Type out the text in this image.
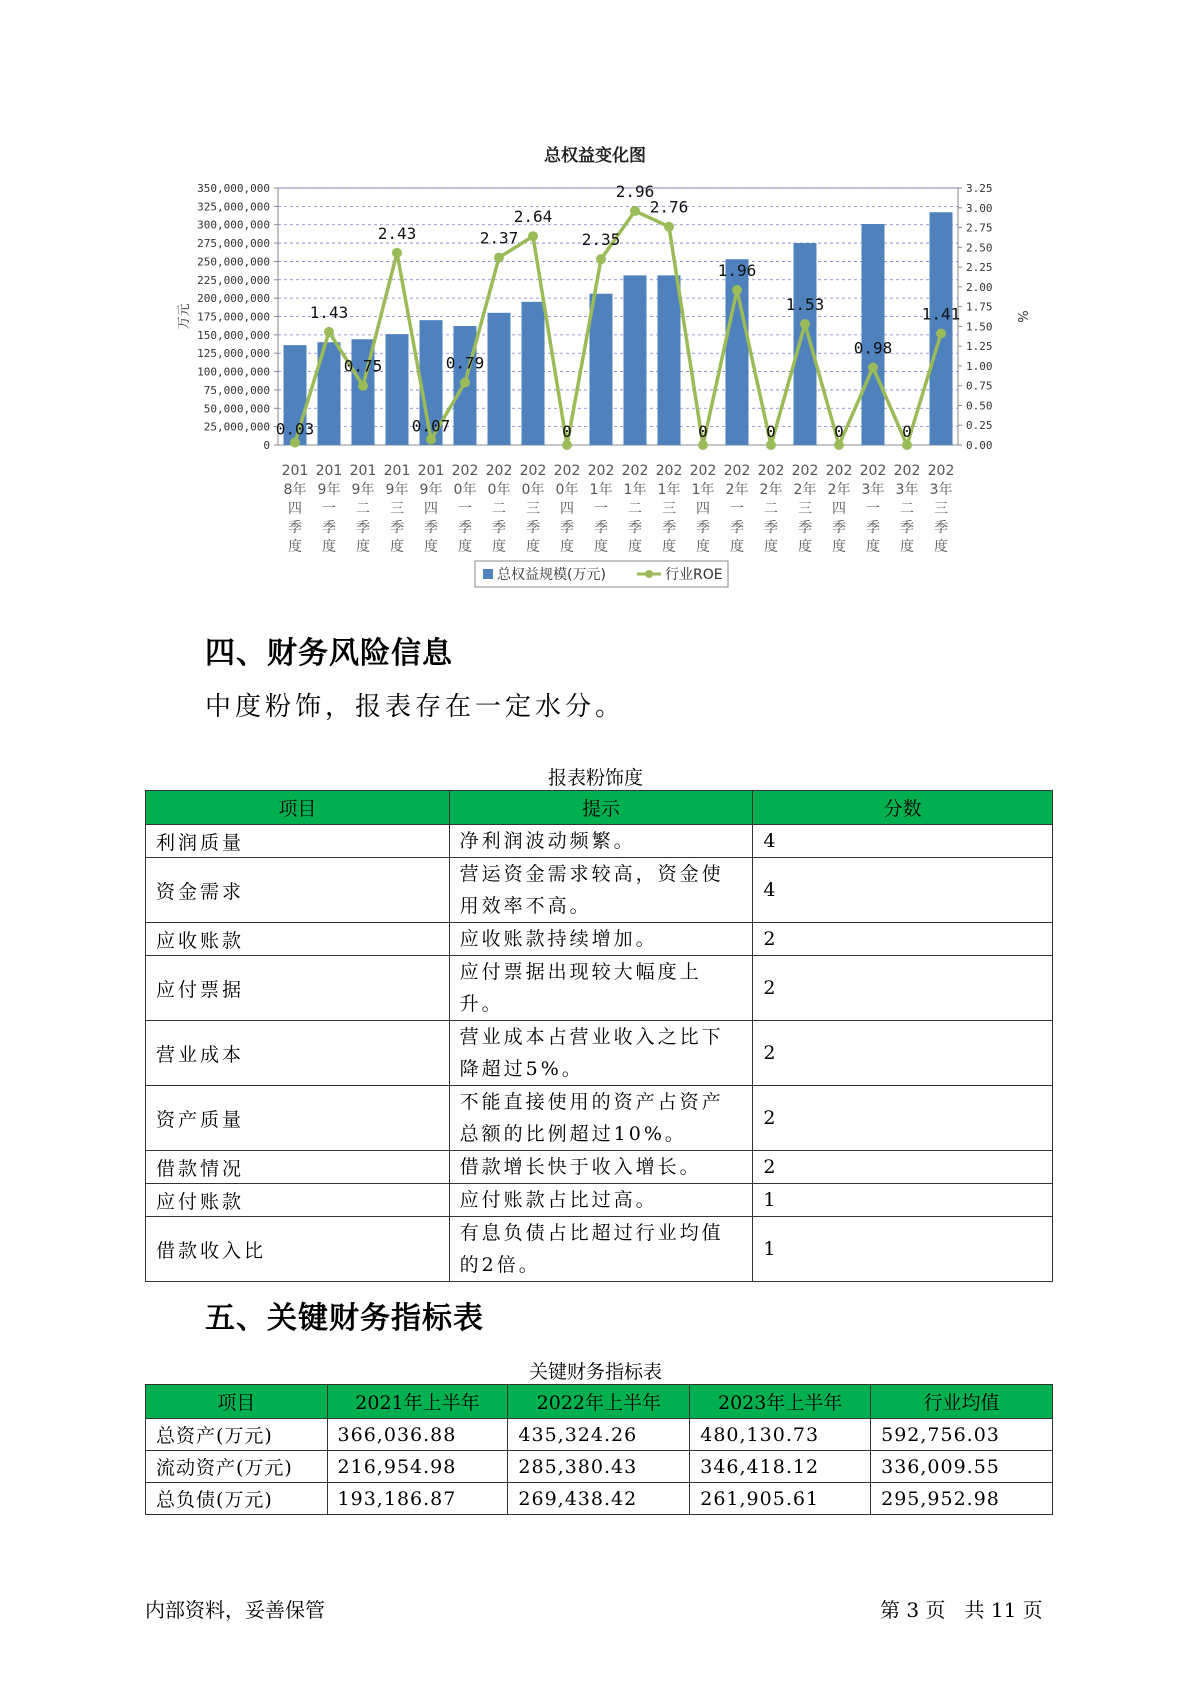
总权益变化图
0
25,000,000
50,000,000
75,000,000
100,000,000
125,000,000
150,000,000
175,000,000
200,000,000
225,000,000
250,000,000
275,000,000
300,000,000
325,000,000
350,000,000
0.00
0.25
0.50
0.75
1.00
1.25
1.50
1.75
2.00
2.25
2.50
2.75
3.00
3.25
万元	%
0.03
1.43
0.75
2.43
0.07
0.79
2.37
2.64
0
2.35
2.96
2.76
0
1.96
0
1.53
0
0.98
0
1.41
201
8年
四
季
度
201
9年
一
季
度
201
9年
二
季
度
201
9年
三
季
度
201
9年
四
季
度
202
0年
一
季
度
202
0年
二
季
度
202
0年
三
季
度
202
0年
四
季
度
202
1年
一
季
度
202
1年
二
季
度
202
1年
三
季
度
202
1年
四
季
度
202
2年
一
季
度
202
2年
二
季
度
202
2年
三
季
度
202
2年
四
季
度
202
3年
一
季
度
202
3年
二
季
度
202
3年
三
季
度
总权益规模(万元)	行业ROE
四、财务风险信息
中度粉饰，报表存在一定水分。
报表粉饰度
项目	提示	分数
利润质量	净利润波动频繁。	4
资金需求	营运资金需求较高，资金使用效率不高。	4
应收账款	应收账款持续增加。	2
应付票据	应付票据出现较大幅度上升。	2
营业成本	营业成本占营业收入之比下降超过5%。	2
资产质量	不能直接使用的资产占资产总额的比例超过10%。	2
借款情况	借款增长快于收入增长。	2
应付账款	应付账款占比过高。	1
借款收入比	有息负债占比超过行业均值的2倍。	1
五、关键财务指标表
关键财务指标表
项目	2021年上半年	2022年上半年	2023年上半年	行业均值
总资产(万元)	366,036.88	435,324.26	480,130.73	592,756.03
流动资产(万元)	216,954.98	285,380.43	346,418.12	336,009.55
总负债(万元)	193,186.87	269,438.42	261,905.61	295,952.98
内部资料，妥善保管	第 3 页   共 11 页
